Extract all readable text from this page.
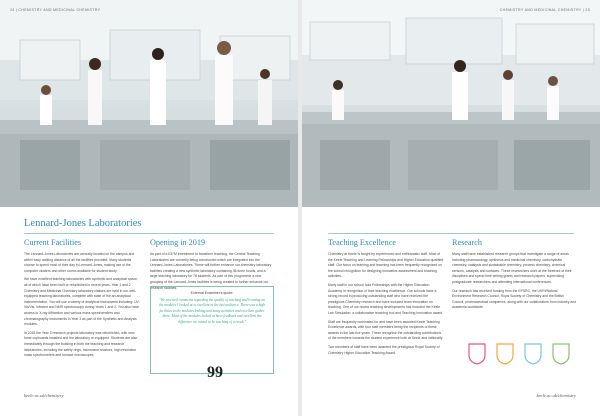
24 | CHEMISTRY AND MEDICINAL CHEMISTRY
Lennard-Jones Laboratories
Current Facilities

The Lennard-Jones Laboratories are centrally located on the campus and within easy walking distance of all the facilities provided. Many students choose to spend most of their day in Lennard-Jones, making use of the computer clusters and other rooms available for student study.

We have excellent teaching laboratories with synthetic and analytical space, all of which have been built or refurbished in recent years. Year 1 and 2 Chemistry and Medicinal Chemistry laboratory classes are held in our well-equipped teaching laboratories, complete with state of the art analytical instrumentation. You will use a variety of analytical instruments including: UV-Vis/Vis, Infrared and NMR spectroscopy during Years 1 and 2. You also have access to X-ray diffraction and various mass spectrometers and chromatography instruments in Year 3 as part of the Synthetic and Analysis modules.

In 2018 the Year 3 research projects laboratory was refurbished, with new fume cupboards installed and the laboratory re-equipped. Students are also immediately through the building in both the teaching and research laboratories, including the safety rings, microwave reactors, high resolution mass spectrometers and furnace microscopes.

Opening in 2019

As part of a £37M investment to transform teaching, the Central Teaching Laboratories are currently being constructed which are integrated into the Lennard-Jones Laboratories. These will further enhance our chemistry laboratory facilities creating a new synthetic laboratory containing 36 fume hoods, and a large teaching laboratory for 78 students. As part of this programme a new grouping of the Lennard-Jones facilities is being created to further enhance our research facilities.

External Examiner's quote:
"We received comments regarding the quality of teaching and learning on the modules I looked at is excellent at the last audience. There was a high facilities in the modules looking and many activities and excellent gather there. Most of the modules looked at have feedback and excellent the difference we intend to be teaching of a result."
99
keele.ac.uk/chemistry
CHEMISTRY AND MEDICINAL CHEMISTRY | 25
Teaching Excellence

Chemistry at Keele is taught by experienced and enthusiastic staff. Most of the Keele Teaching and Learning Fellowships and Higher Education qualified staff. Our focus on learning and teaching has been frequently recognised on the school recognition for designing innovative assessment and teaching activities.

Many staff in our school hold Fellowships with the Higher Education Academy in recognition of their teaching excellence. Our schools have a strong record in producing outstanding staff who have received the prestigious Chemistry research and have included team innovation on teaching. One of our recent teaching developments has included the Keele Lab Simulation, a collaborative teaching tool and Teaching Innovation award.

Staff are frequently nominated for and have been awarded Keele Teaching Excellence awards, with four staff members being the recipients of these awards in the last five years. These recognise the outstanding contributions of the members towards the student experience both at Keele and nationally.

Two members of staff have been awarded the prestigious Royal Society of Chemistry Higher Education Teaching Award.

Research

Many staff have established research groups that investigate a range of areas including pharmacology, synthesis and medicinal chemistry, carbohydrate chemistry, catalysis and sustainable chemistry, process chemistry, chemical sensors, catalysis and surfaces. These researchers work at the forefront of their disciplines and spend time writing grants and research papers, supervising postgraduate researchers and attending international conferences.

Our research has received funding from the EPSRC, the UKRI/Natural Environment Research Council, Royal Society of Chemistry and the British Council, pharmaceutical companies, along with our collaborators from industry and academia worldwide.

keele.ac.uk/chemistry
